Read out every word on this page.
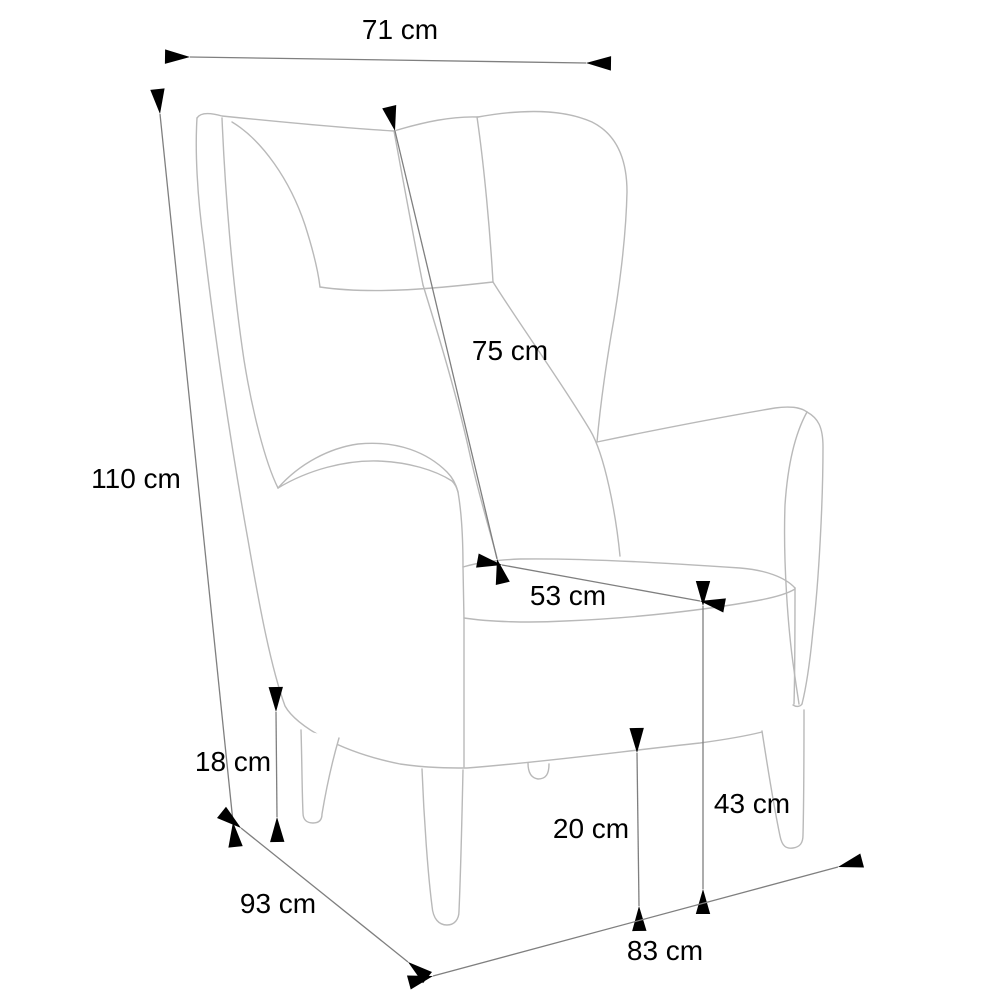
71 cm
110 cm
75 cm
53 cm
18 cm
93 cm
20 cm
43 cm
83 cm
